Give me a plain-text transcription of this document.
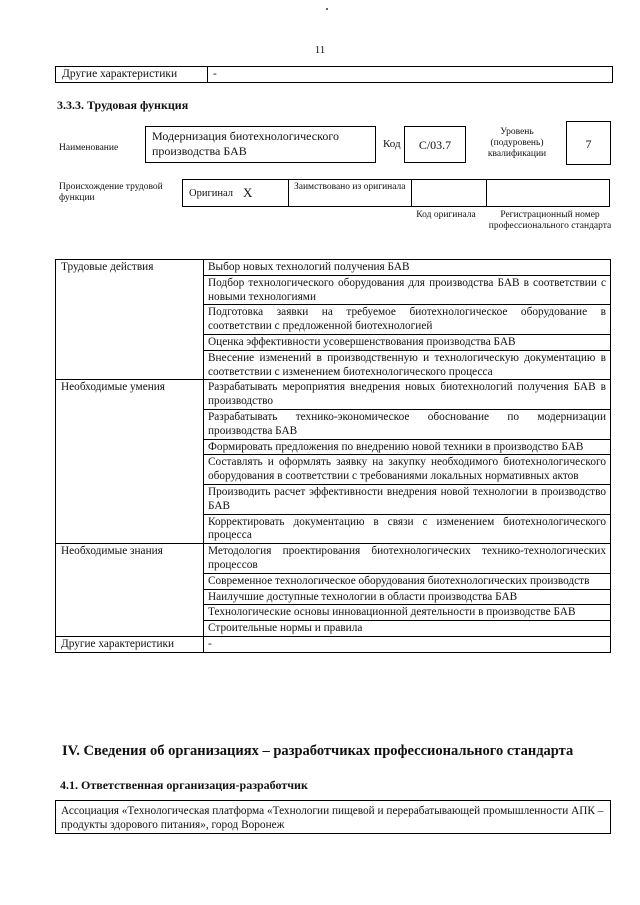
11
Другие характеристики	-
3.3.3. Трудовая функция
Наименование
Модернизация биотехнологического производства БАВ	Код	С/03.7
Уровень (подуровень) квалификации
7
Происхождение трудовой функции	Оригинал Х	Заимствовано из оригинала
Код оригинала	Регистрационный номер профессионального стандарта
Трудовые действия	Выбор новых технологий получения БАВ
	Подбор технологического оборудования для производства БАВ в соответствии с новыми технологиями
	Подготовка заявки на требуемое биотехнологическое оборудование в соответствии с предложенной биотехнологией
	Оценка эффективности усовершенствования производства БАВ
	Внесение изменений в производственную и технологическую документацию в соответствии с изменением биотехнологического процесса
Необходимые умения	Разрабатывать мероприятия внедрения новых биотехнологий получения БАВ в производство
	Разрабатывать технико-экономическое обоснование по модернизации производства БАВ
	Формировать предложения по внедрению новой техники в производство БАВ
	Составлять и оформлять заявку на закупку необходимого биотехнологического оборудования в соответствии с требованиями локальных нормативных актов
	Производить расчет эффективности внедрения новой технологии в производство БАВ
	Корректировать документацию в связи с изменением биотехнологического процесса
Необходимые знания	Методология проектирования биотехнологических технико-технологических процессов
	Современное технологическое оборудования биотехнологических производств
	Наилучшие доступные технологии в области производства БАВ
	Технологические основы инновационной деятельности в производстве БАВ
	Строительные нормы и правила
Другие характеристики	-
IV. Сведения об организациях – разработчиках профессионального стандарта
4.1. Ответственная организация-разработчик
Ассоциация «Технологическая платформа «Технологии пищевой и перерабатывающей промышленности АПК – продукты здорового питания», город Воронеж
